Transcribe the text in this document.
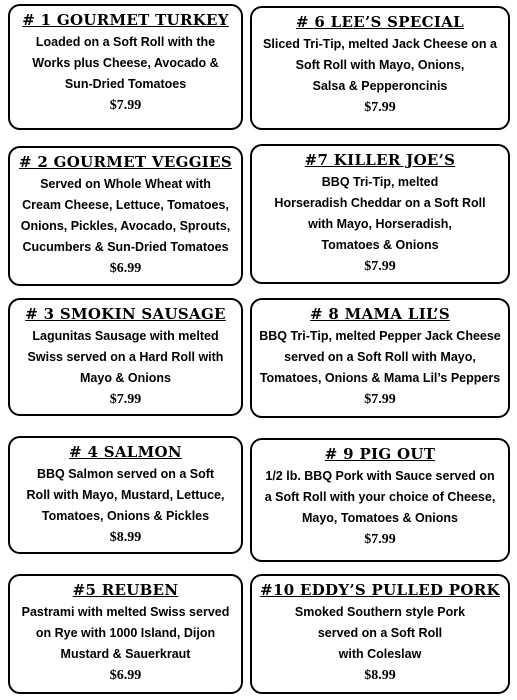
# 1 GOURMET TURKEY
Loaded on a Soft Roll with the
Works plus Cheese, Avocado &
Sun-Dried Tomatoes
$7.99
# 2 GOURMET VEGGIES
Served on Whole Wheat with
Cream Cheese, Lettuce, Tomatoes,
Onions, Pickles, Avocado, Sprouts,
Cucumbers & Sun-Dried Tomatoes
$6.99
# 3 SMOKIN SAUSAGE
Lagunitas Sausage with melted
Swiss served on a Hard Roll with
Mayo & Onions
$7.99
# 4 SALMON
BBQ Salmon served on a Soft
Roll with Mayo, Mustard, Lettuce,
Tomatoes, Onions & Pickles
$8.99
#5 REUBEN
Pastrami with melted Swiss served
on Rye with 1000 Island, Dijon
Mustard & Sauerkraut
$6.99
# 6 LEE’S SPECIAL
Sliced Tri-Tip, melted Jack Cheese on a
Soft Roll with Mayo, Onions,
Salsa & Pepperoncinis
$7.99
#7 KILLER JOE’S
BBQ Tri-Tip, melted
Horseradish Cheddar on a Soft Roll
with Mayo, Horseradish,
Tomatoes & Onions
$7.99
# 8 MAMA LIL’S
BBQ Tri-Tip, melted Pepper Jack Cheese
served on a Soft Roll with Mayo,
Tomatoes, Onions & Mama Lil’s Peppers
$7.99
# 9 PIG OUT
1/2 lb. BBQ Pork with Sauce served on
a Soft Roll with your choice of Cheese,
Mayo, Tomatoes & Onions
$7.99
#10 EDDY’S PULLED PORK
Smoked Southern style Pork
served on a Soft Roll
with Coleslaw
$8.99
